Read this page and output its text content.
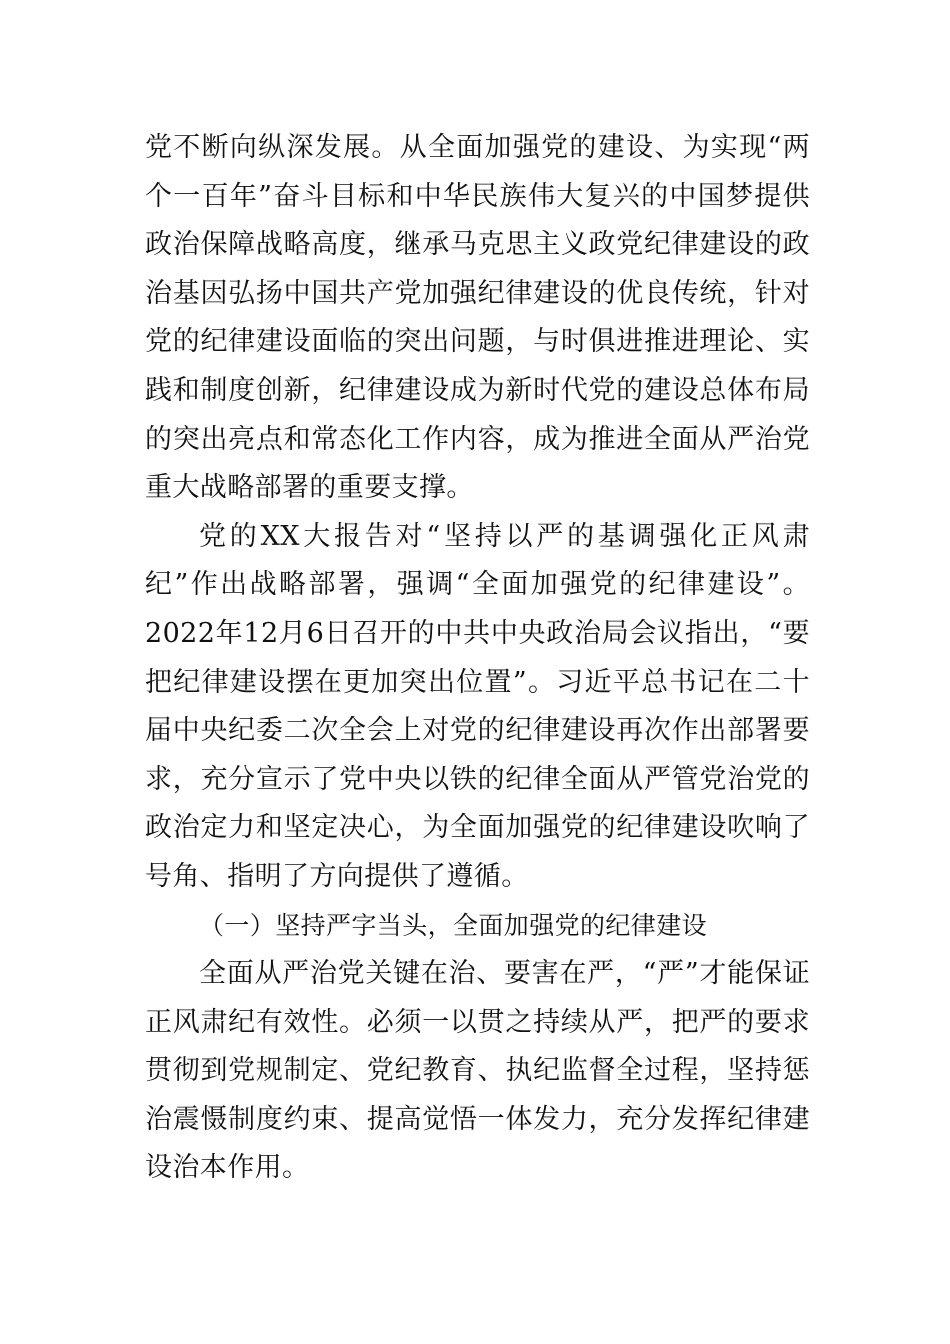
党不断向纵深发展。从全面加强党的建设、为实现“两个一百年”奋斗目标和中华民族伟大复兴的中国梦提供政治保障战略高度，继承马克思主义政党纪律建设的政治基因弘扬中国共产党加强纪律建设的优良传统，针对党的纪律建设面临的突出问题，与时俱进推进理论、实践和制度创新，纪律建设成为新时代党的建设总体布局的突出亮点和常态化工作内容，成为推进全面从严治党重大战略部署的重要支撑。

党的XX大报告对“坚持以严的基调强化正风肃纪”作出战略部署，强调“全面加强党的纪律建设”。2022年12月6日召开的中共中央政治局会议指出，“要把纪律建设摆在更加突出位置”。习近平总书记在二十届中央纪委二次全会上对党的纪律建设再次作出部署要求，充分宣示了党中央以铁的纪律全面从严管党治党的政治定力和坚定决心，为全面加强党的纪律建设吹响了号角、指明了方向提供了遵循。

（一）坚持严字当头，全面加强党的纪律建设

全面从严治党关键在治、要害在严，“严”才能保证正风肃纪有效性。必须一以贯之持续从严，把严的要求贯彻到党规制定、党纪教育、执纪监督全过程，坚持惩治震慑制度约束、提高觉悟一体发力，充分发挥纪律建设治本作用。
